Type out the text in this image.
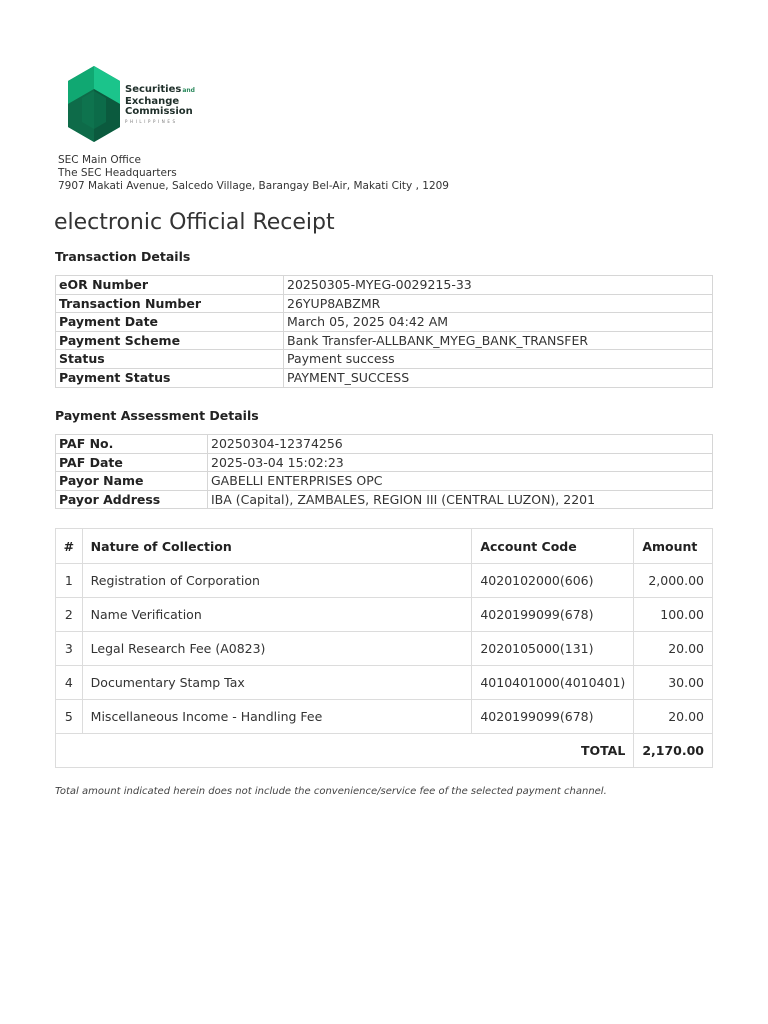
Securitiesand
Exchange
Commission
PHILIPPINES
SEC Main Office
The SEC Headquarters
7907 Makati Avenue, Salcedo Village, Barangay Bel-Air, Makati City , 1209
electronic Official Receipt
Transaction Details
eOR Number	20250305-MYEG-0029215-33
Transaction Number	26YUP8ABZMR
Payment Date	March 05, 2025 04:42 AM
Payment Scheme	Bank Transfer-ALLBANK_MYEG_BANK_TRANSFER
Status	Payment success
Payment Status	PAYMENT_SUCCESS
Payment Assessment Details
PAF No.	20250304-12374256
PAF Date	2025-03-04 15:02:23
Payor Name	GABELLI ENTERPRISES OPC
Payor Address	IBA (Capital), ZAMBALES, REGION III (CENTRAL LUZON), 2201
#	Nature of Collection	Account Code	Amount
1	Registration of Corporation	4020102000(606)	2,000.00
2	Name Verification	4020199099(678)	100.00
3	Legal Research Fee (A0823)	2020105000(131)	20.00
4	Documentary Stamp Tax	4010401000(4010401)	30.00
5	Miscellaneous Income - Handling Fee	4020199099(678)	20.00
TOTAL			2,170.00
Total amount indicated herein does not include the convenience/service fee of the selected payment channel.
